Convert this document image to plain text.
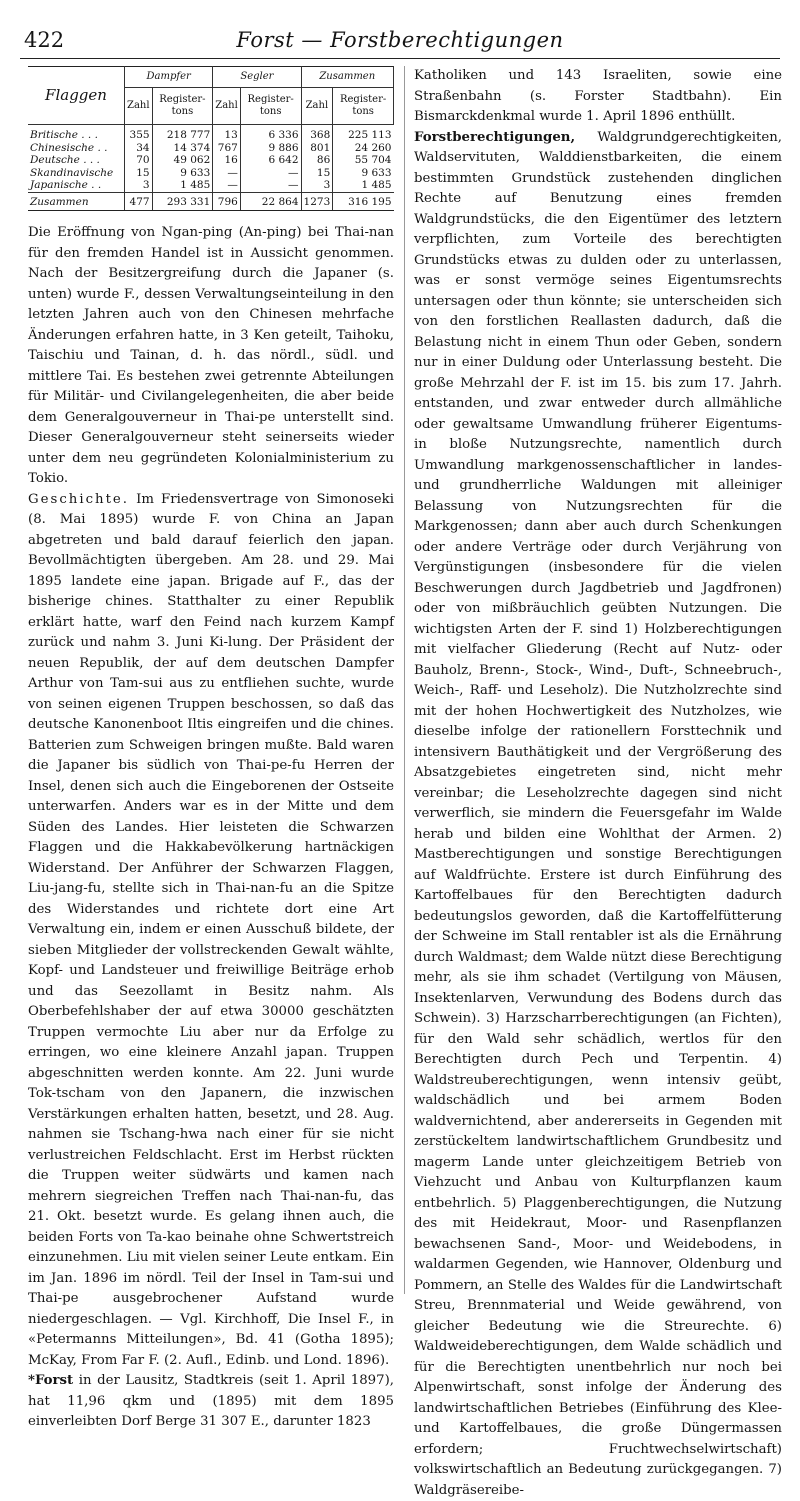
422	Forst — Forstberechtigungen
Flaggen	Dampfer		Segler		Zusammen	
	Zahl	Register-tons	Zahl	Register-tons	Zahl	Register-tons
Britische . . .	355	218 777	13	6 336	368	225 113
Chinesische . .	34	14 374	767	9 886	801	24 260
Deutsche . . .	70	49 062	16	6 642	86	55 704
Skandinavische	15	9 633	—	—	15	9 633
Japanische . .	3	1 485	—	—	3	1 485
Zusammen	477	293 331	796	22 864	1273	316 195

Die Eröffnung von Ngan-ping (An-ping) bei Thai-nan für den fremden Handel ist in Aussicht genommen. Nach der Besitzergreifung durch die Japaner (s. unten) wurde F., dessen Verwaltungseinteilung in den letzten Jahren auch von den Chinesen mehrfache Änderungen erfahren hatte, in 3 Ken geteilt, Taihoku, Taischiu und Tainan, d. h. das nördl., südl. und mittlere Tai. Es bestehen zwei getrennte Abteilungen für Militär- und Civilangelegenheiten, die aber beide dem Generalgouverneur in Thai-pe unterstellt sind. Dieser Generalgouverneur steht seinerseits wieder unter dem neu gegründeten Kolonialministerium zu Tokio.

Geschichte. Im Friedensvertrage von Simonoseki (8. Mai 1895) wurde F. von China an Japan abgetreten und bald darauf feierlich den japan. Bevollmächtigten übergeben. Am 28. und 29. Mai 1895 landete eine japan. Brigade auf F., das der bisherige chines. Statthalter zu einer Republik erklärt hatte, warf den Feind nach kurzem Kampf zurück und nahm 3. Juni Ki-lung. Der Präsident der neuen Republik, der auf dem deutschen Dampfer Arthur von Tam-sui aus zu entfliehen suchte, wurde von seinen eigenen Truppen beschossen, so daß das deutsche Kanonenboot Iltis eingreifen und die chines. Batterien zum Schweigen bringen mußte. Bald waren die Japaner bis südlich von Thai-pe-fu Herren der Insel, denen sich auch die Eingeborenen der Ostseite unterwarfen. Anders war es in der Mitte und dem Süden des Landes. Hier leisteten die Schwarzen Flaggen und die Hakkabevölkerung hartnäckigen Widerstand. Der Anführer der Schwarzen Flaggen, Liu-jang-fu, stellte sich in Thai-nan-fu an die Spitze des Widerstandes und richtete dort eine Art Verwaltung ein, indem er einen Ausschuß bildete, der sieben Mitglieder der vollstreckenden Gewalt wählte, Kopf- und Landsteuer und freiwillige Beiträge erhob und das Seezollamt in Besitz nahm. Als Oberbefehlshaber der auf etwa 30000 geschätzten Truppen vermochte Liu aber nur da Erfolge zu erringen, wo eine kleinere Anzahl japan. Truppen abgeschnitten werden konnte. Am 22. Juni wurde Tok-tscham von den Japanern, die inzwischen Verstärkungen erhalten hatten, besetzt, und 28. Aug. nahmen sie Tschang-hwa nach einer für sie nicht verlustreichen Feldschlacht. Erst im Herbst rückten die Truppen weiter südwärts und kamen nach mehrern siegreichen Treffen nach Thai-nan-fu, das 21. Okt. besetzt wurde. Es gelang ihnen auch, die beiden Forts von Ta-kao beinahe ohne Schwertstreich einzunehmen. Liu mit vielen seiner Leute entkam. Ein im Jan. 1896 im nördl. Teil der Insel in Tam-sui und Thai-pe ausgebrochener Aufstand wurde niedergeschlagen. — Vgl. Kirchhoff, Die Insel F., in «Petermanns Mitteilungen», Bd. 41 (Gotha 1895); McKay, From Far F. (2. Aufl., Edinb. und Lond. 1896).

*Forst in der Lausitz, Stadtkreis (seit 1. April 1897), hat 11,96 qkm und (1895) mit dem 1895 einverleibten Dorf Berge 31 307 E., darunter 1823

Katholiken und 143 Israeliten, sowie eine Straßenbahn (s. Forster Stadtbahn). Ein Bismarckdenkmal wurde 1. April 1896 enthüllt.

Forstberechtigungen, Waldgrundgerechtigkeiten, Waldservituten, Walddienstbarkeiten, die einem bestimmten Grundstück zustehenden dinglichen Rechte auf Benutzung eines fremden Waldgrundstücks, die den Eigentümer des letztern verpflichten, zum Vorteile des berechtigten Grundstücks etwas zu dulden oder zu unterlassen, was er sonst vermöge seines Eigentumsrechts untersagen oder thun könnte; sie unterscheiden sich von den forstlichen Reallasten dadurch, daß die Belastung nicht in einem Thun oder Geben, sondern nur in einer Duldung oder Unterlassung besteht. Die große Mehrzahl der F. ist im 15. bis zum 17. Jahrh. entstanden, und zwar entweder durch allmähliche oder gewaltsame Umwandlung früherer Eigentums- in bloße Nutzungsrechte, namentlich durch Umwandlung markgenossenschaftlicher in landes- und grundherrliche Waldungen mit alleiniger Belassung von Nutzungsrechten für die Markgenossen; dann aber auch durch Schenkungen oder andere Verträge oder durch Verjährung von Vergünstigungen (insbesondere für die vielen Beschwerungen durch Jagdbetrieb und Jagdfronen) oder von mißbräuchlich geübten Nutzungen. Die wichtigsten Arten der F. sind 1) Holzberechtigungen mit vielfacher Gliederung (Recht auf Nutz- oder Bauholz, Brenn-, Stock-, Wind-, Duft-, Schneebruch-, Weich-, Raff- und Leseholz). Die Nutzholzrechte sind mit der hohen Hochwertigkeit des Nutzholzes, wie dieselbe infolge der rationellern Forsttechnik und intensivern Bauthätigkeit und der Vergrößerung des Absatzgebietes eingetreten sind, nicht mehr vereinbar; die Leseholzrechte dagegen sind nicht verwerflich, sie mindern die Feuersgefahr im Walde herab und bilden eine Wohlthat der Armen. 2) Mastberechtigungen und sonstige Berechtigungen auf Waldfrüchte. Erstere ist durch Einführung des Kartoffelbaues für den Berechtigten dadurch bedeutungslos geworden, daß die Kartoffelfütterung der Schweine im Stall rentabler ist als die Ernährung durch Waldmast; dem Walde nützt diese Berechtigung mehr, als sie ihm schadet (Vertilgung von Mäusen, Insektenlarven, Verwundung des Bodens durch das Schwein). 3) Harzscharrberechtigungen (an Fichten), für den Wald sehr schädlich, wertlos für den Berechtigten durch Pech und Terpentin. 4) Waldstreuberechtigungen, wenn intensiv geübt, waldschädlich und bei armem Boden waldvernichtend, aber andererseits in Gegenden mit zerstückeltem landwirtschaftlichem Grundbesitz und magerm Lande unter gleichzeitigem Betrieb von Viehzucht und Anbau von Kulturpflanzen kaum entbehrlich. 5) Plaggenberechtigungen, die Nutzung des mit Heidekraut, Moor- und Rasenpflanzen bewachsenen Sand-, Moor- und Weidebodens, in waldarmen Gegenden, wie Hannover, Oldenburg und Pommern, an Stelle des Waldes für die Landwirtschaft Streu, Brennmaterial und Weide gewährend, von gleicher Bedeutung wie die Streurechte. 6) Waldweideberechtigungen, dem Walde schädlich und für die Berechtigten unentbehrlich nur noch bei Alpenwirtschaft, sonst infolge der Änderung des landwirtschaftlichen Betriebes (Einführung des Klee- und Kartoffelbaues, die große Düngermassen erfordern; Fruchtwechselwirtschaft) volkswirtschaftlich an Bedeutung zurückgegangen. 7) Waldgräsereibe-
